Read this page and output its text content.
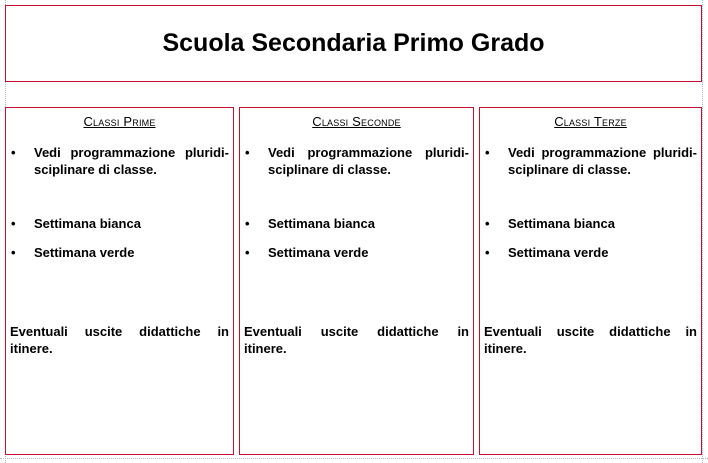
Scuola Secondaria Primo Grado
Classi Prime
• Vedi programmazione pluridi-sciplinare di classe.
• Settimana bianca
• Settimana verde
Eventuali uscite didattiche in itinere.
Classi Seconde
• Vedi programmazione pluridi-sciplinare di classe.
• Settimana bianca
• Settimana verde
Eventuali uscite didattiche in itinere.
Classi Terze
• Vedi programmazione pluridi-sciplinare di classe.
• Settimana bianca
• Settimana verde
Eventuali uscite didattiche in itinere.
